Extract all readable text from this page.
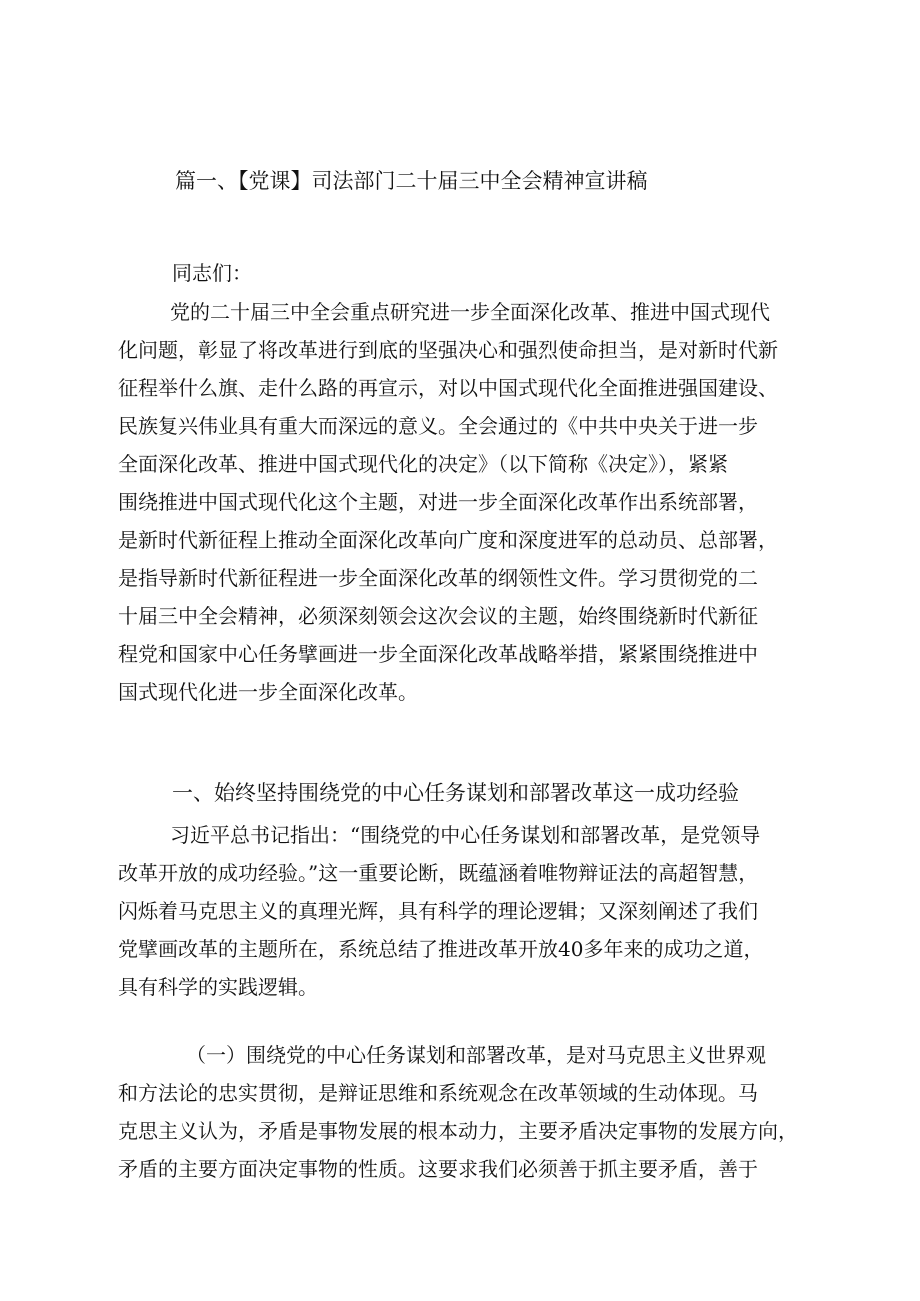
篇一、【党课】司法部门二十届三中全会精神宣讲稿
同志们：
党的二十届三中全会重点研究进一步全面深化改革、推进中国式现代
化问题，彰显了将改革进行到底的坚强决心和强烈使命担当，是对新时代新
征程举什么旗、走什么路的再宣示，对以中国式现代化全面推进强国建设、
民族复兴伟业具有重大而深远的意义。全会通过的《中共中央关于进一步
全面深化改革、推进中国式现代化的决定》（以下简称《决定》），紧紧
围绕推进中国式现代化这个主题，对进一步全面深化改革作出系统部署，
是新时代新征程上推动全面深化改革向广度和深度进军的总动员、总部署，
是指导新时代新征程进一步全面深化改革的纲领性文件。学习贯彻党的二
十届三中全会精神，必须深刻领会这次会议的主题，始终围绕新时代新征
程党和国家中心任务擘画进一步全面深化改革战略举措，紧紧围绕推进中
国式现代化进一步全面深化改革。
一、始终坚持围绕党的中心任务谋划和部署改革这一成功经验
习近平总书记指出：“围绕党的中心任务谋划和部署改革，是党领导
改革开放的成功经验。”这一重要论断，既蕴涵着唯物辩证法的高超智慧，
闪烁着马克思主义的真理光辉，具有科学的理论逻辑；又深刻阐述了我们
党擘画改革的主题所在，系统总结了推进改革开放40多年来的成功之道，
具有科学的实践逻辑。
（一）围绕党的中心任务谋划和部署改革，是对马克思主义世界观
和方法论的忠实贯彻，是辩证思维和系统观念在改革领域的生动体现。马
克思主义认为，矛盾是事物发展的根本动力，主要矛盾决定事物的发展方向，
矛盾的主要方面决定事物的性质。这要求我们必须善于抓主要矛盾，善于
